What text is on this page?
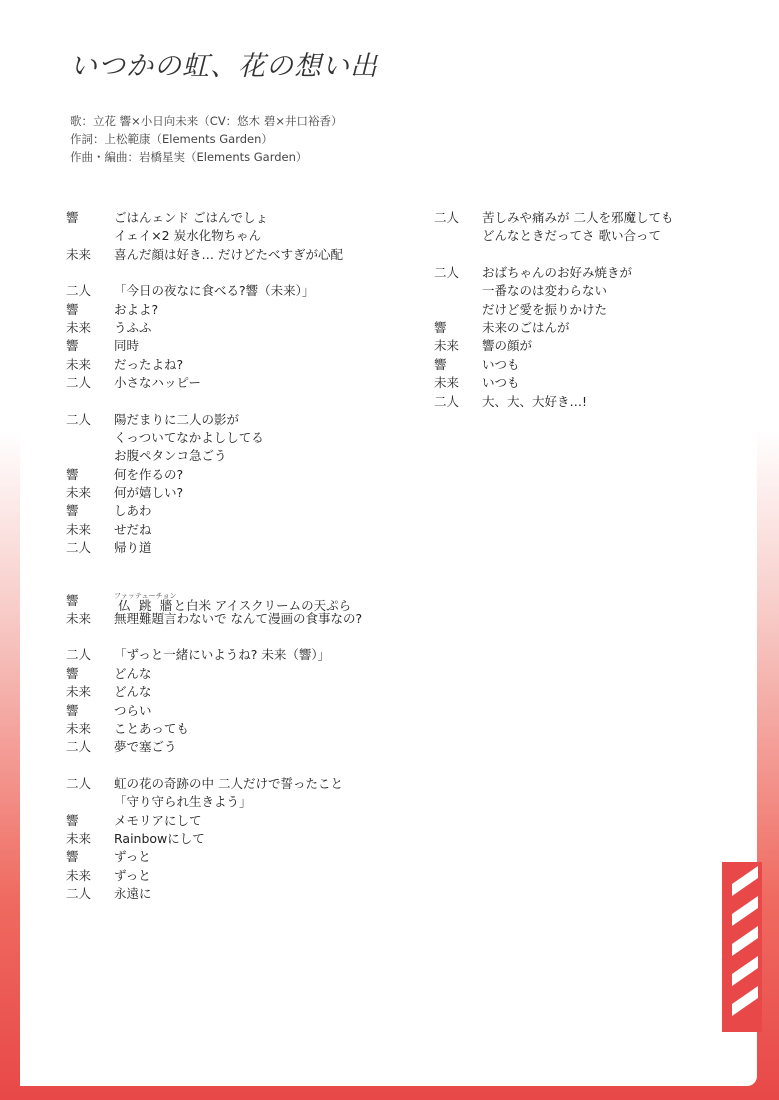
いつかの虹、花の想い出
歌：立花 響×小日向未来（CV：悠木 碧×井口裕香）
作詞：上松範康（Elements Garden）
作曲・編曲：岩橋星実（Elements Garden）
響	ごはんェンド ごはんでしょ
イェイ×2 炭水化物ちゃん
未来	喜んだ顔は好き… だけどたべすぎが心配
二人	「今日の夜なに食べる?響（未来）」
響	およよ?
未来	うふふ
響	同時
未来	だったよね?
二人	小さなハッピー
二人	陽だまりに二人の影が
くっついてなかよししてる
お腹ペタンコ急ごう
響	何を作るの?
未来	何が嬉しい?
響	しあわ
未来	せだね
二人	帰り道
響	仏跳牆ファッテューチョンと白米 アイスクリームの天ぷら
未来	無理難題言わないで なんて漫画の食事なの?
二人	「ずっと一緒にいようね? 未来（響）」
響	どんな
未来	どんな
響	つらい
未来	ことあっても
二人	夢で塞ごう
二人	虹の花の奇跡の中 二人だけで誓ったこと
「守り守られ生きよう」
響	メモリアにして
未来	Rainbowにして
響	ずっと
未来	ずっと
二人	永遠に
二人	苦しみや痛みが 二人を邪魔しても
どんなときだってさ 歌い合って
二人	おばちゃんのお好み焼きが
一番なのは変わらない
だけど愛を振りかけた
響	未来のごはんが
未来	響の顔が
響	いつも
未来	いつも
二人	大、大、大好き…!
